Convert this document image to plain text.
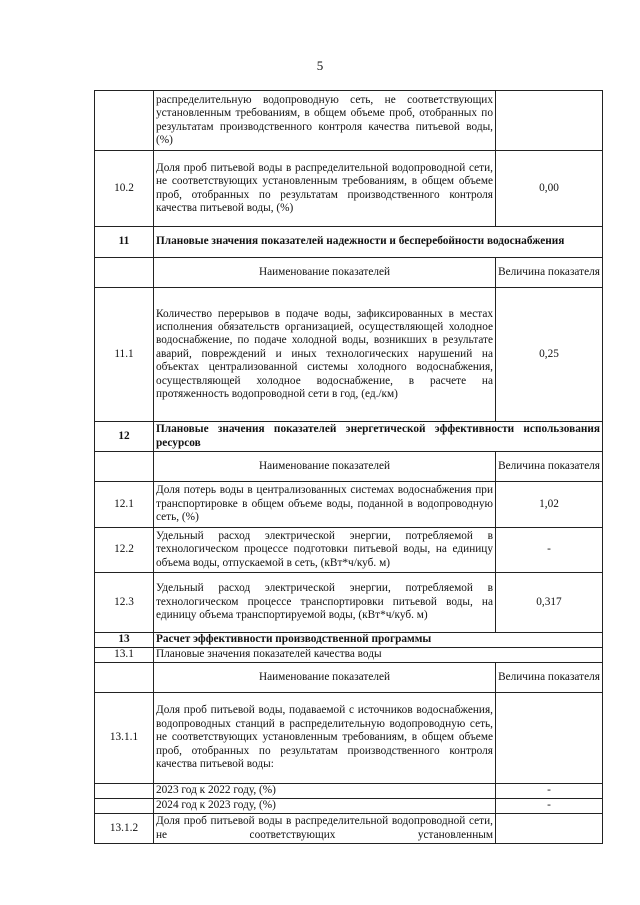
5
	распределительную водопроводную сеть, не соответствующих установленным требованиям, в общем объеме проб, отобранных по результатам производственного контроля качества питьевой воды, (%)	
10.2	Доля проб питьевой воды в распределительной водопроводной сети, не соответствующих установленным требованиям, в общем объеме проб, отобранных по результатам производственного контроля качества питьевой воды, (%)	0,00
11	Плановые значения показателей надежности и бесперебойности водоснабжения	
	Наименование показателей	Величина показателя
11.1	Количество перерывов в подаче воды, зафиксированных в местах исполнения обязательств организацией, осуществляющей холодное водоснабжение, по подаче холодной воды, возникших в результате аварий, повреждений и иных технологических нарушений на объектах централизованной системы холодного водоснабжения, осуществляющей холодное водоснабжение, в расчете на протяженность водопроводной сети в год, (ед./км)	0,25
12	Плановые значения показателей энергетической эффективности использования ресурсов	
	Наименование показателей	Величина показателя
12.1	Доля потерь воды в централизованных системах водоснабжения при транспортировке в общем объеме воды, поданной в водопроводную сеть, (%)	1,02
12.2	Удельный расход электрической энергии, потребляемой в технологическом процессе подготовки питьевой воды, на единицу объема воды, отпускаемой в сеть, (кВт*ч/куб. м)	-
12.3	Удельный расход электрической энергии, потребляемой в технологическом процессе транспортировки питьевой воды, на единицу объема транспортируемой воды, (кВт*ч/куб. м)	0,317
13	Расчет эффективности производственной программы	
13.1	Плановые значения показателей качества воды	
	Наименование показателей	Величина показателя
13.1.1	Доля проб питьевой воды, подаваемой с источников водоснабжения, водопроводных станций в распределительную водопроводную сеть, не соответствующих установленным требованиям, в общем объеме проб, отобранных по результатам производственного контроля качества питьевой воды:	
	2023 год к 2022 году, (%)	-
	2024 год к 2023 году, (%)	-
13.1.2	Доля проб питьевой воды в распределительной водопроводной сети, не соответствующих установленным	
